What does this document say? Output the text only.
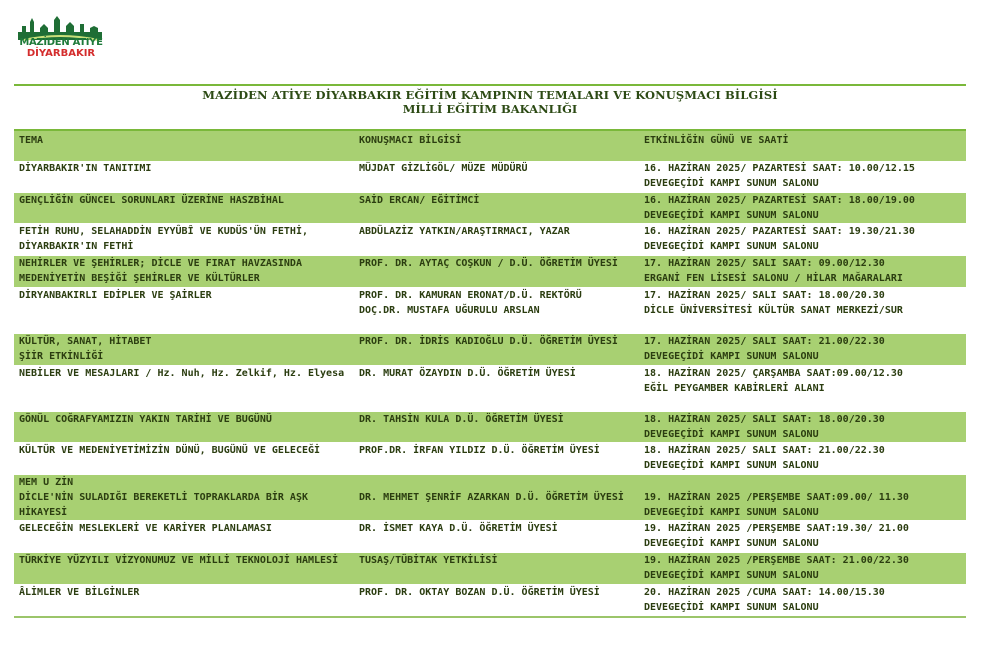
MAZİDEN ATİYE
DİYARBAKIR
MAZİDEN ATİYE DİYARBAKIR EĞİTİM KAMPININ TEMALARI VE KONUŞMACI BİLGİSİ
MİLLİ EĞİTİM BAKANLIĞI
TEMA	KONUŞMACI BİLGİSİ	ETKİNLİĞİN GÜNÜ VE SAATİ

DİYARBAKIR'IN TANITIMI	MÜJDAT GİZLİGÖL/ MÜZE MÜDÜRÜ	16. HAZİRAN 2025/ PAZARTESİ SAAT: 10.00/12.15
DEVEGEÇİDİ KAMPI SUNUM SALONU

GENÇLİĞİN GÜNCEL SORUNLARI ÜZERİNE HASZBİHAL	SAİD ERCAN/ EĞİTİMCİ	16. HAZİRAN 2025/ PAZARTESİ SAAT: 18.00/19.00
DEVEGEÇİDİ KAMPI SUNUM SALONU

FETİH RUHU, SELAHADDİN EYYÛBÎ VE KUDÜS'ÜN FETHİ,
DİYARBAKIR'IN FETHİ	ABDÜLAZİZ YATKIN/ARAŞTIRMACI, YAZAR	16. HAZİRAN 2025/ PAZARTESİ SAAT: 19.30/21.30
DEVEGEÇİDİ KAMPI SUNUM SALONU

NEHİRLER VE ŞEHİRLER; DİCLE VE FIRAT HAVZASINDA
MEDENİYETİN BEŞİĞİ ŞEHİRLER VE KÜLTÜRLER	PROF. DR. AYTAÇ COŞKUN / D.Ü. ÖĞRETİM ÜYESİ	17. HAZİRAN 2025/ SALI SAAT: 09.00/12.30
ERGANİ FEN LİSESİ SALONU / HİLAR MAĞARALARI

DİRYANBAKIRLI EDİPLER VE ŞAİRLER	PROF. DR. KAMURAN ERONAT/D.Ü. REKTÖRÜ
DOÇ.DR. MUSTAFA UĞURULU ARSLAN	17. HAZİRAN 2025/ SALI SAAT: 18.00/20.30
DİCLE ÜNİVERSİTESİ KÜLTÜR SANAT MERKEZİ/SUR

KÜLTÜR, SANAT, HİTABET
ŞİİR ETKİNLİĞİ	PROF. DR. İDRİS KADIOĞLU D.Ü. ÖĞRETİM ÜYESİ	17. HAZİRAN 2025/ SALI SAAT: 21.00/22.30
DEVEGEÇİDİ KAMPI SUNUM SALONU

NEBİLER VE MESAJLARI / Hz. Nuh, Hz. Zelkif, Hz. Elyesa	DR. MURAT ÖZAYDIN D.Ü. ÖĞRETİM ÜYESİ	18. HAZİRAN 2025/ ÇARŞAMBA SAAT:09.00/12.30
EĞİL PEYGAMBER KABİRLERİ ALANI

GÖNÜL COĞRAFYAMIZIN YAKIN TARİHİ VE BUGÜNÜ	DR. TAHSİN KULA D.Ü. ÖĞRETİM ÜYESİ	18. HAZİRAN 2025/ SALI SAAT: 18.00/20.30
DEVEGEÇİDİ KAMPI SUNUM SALONU

KÜLTÜR VE MEDENİYETİMİZİN DÜNÜ, BUGÜNÜ VE GELECEĞİ	PROF.DR. İRFAN YILDIZ D.Ü. ÖĞRETİM ÜYESİ	18. HAZİRAN 2025/ SALI SAAT: 21.00/22.30
DEVEGEÇİDİ KAMPI SUNUM SALONU

MEM U ZİN
DİCLE'NİN SULADIĞI BEREKETLİ TOPRAKLARDA BİR AŞK
HİKAYESİ	DR. MEHMET ŞENRİF AZARKAN D.Ü. ÖĞRETİM ÜYESİ	19. HAZİRAN 2025 /PERŞEMBE SAAT:09.00/ 11.30
DEVEGEÇİDİ KAMPI SUNUM SALONU

GELECEĞİN MESLEKLERİ VE KARİYER PLANLAMASI	DR. İSMET KAYA D.Ü. ÖĞRETİM ÜYESİ	19. HAZİRAN 2025 /PERŞEMBE SAAT:19.30/ 21.00
DEVEGEÇİDİ KAMPI SUNUM SALONU

TÜRKİYE YÜZYILI VİZYONUMUZ VE MİLLİ TEKNOLOJİ HAMLESİ	TUSAŞ/TÜBİTAK YETKİLİSİ	19. HAZİRAN 2025 /PERŞEMBE SAAT: 21.00/22.30
DEVEGEÇİDİ KAMPI SUNUM SALONU

ÂLİMLER VE BİLGİNLER	PROF. DR. OKTAY BOZAN D.Ü. ÖĞRETİM ÜYESİ	20. HAZİRAN 2025 /CUMA SAAT: 14.00/15.30
DEVEGEÇİDİ KAMPI SUNUM SALONU
